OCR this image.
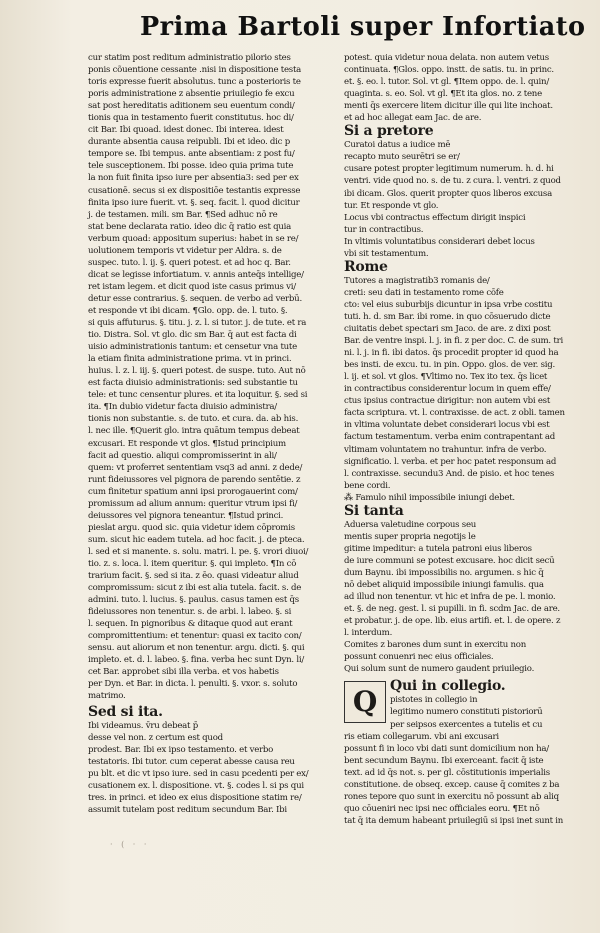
Prima Bartoli super Infortiato

cur statim post reditum administratio pilorio stes

ponis cõuentione cessante .nisi in dispositione testa

toris expresse fuerit absolutus. tunc a posterioris te

poris administratione z absentie priuilegio fe excu

sat post hereditatis aditionem seu euentum condi/

tionis qua in testamento fuerit constitutus. hoc di/

cit Bar. Ibi quoad. idest donec. Ibi interea. idest

durante absentia causa reipubli. Ibi et ideo. dic p

tempore se. Ibi tempus. ante absentiam: z post fu/

tele susceptionem. Ibi posse. ideo quia prima tute

la non fuit finita ipso iure per absentia3: sed per ex

cusationē. secus si ex dispositiōe testantis expresse

finita ipso iure fuerit. vt. §. seq. facit. l. quod dicitur

j. de testamen. mili. sm Bar. ¶Sed adhuc nō re

stat bene declarata ratio. ideo dic q̄ ratio est quia

verbum quoad: appositum superius: habet in se re/

uolutionem temporis vt videtur per Aldra. s. de

suspec. tuto. l. ij. §. queri potest. et ad hoc q. Bar.

dicat se legisse infortiatum. v. annis anteq̄s intellige/

ret istam legem. et dicit quod iste casus primus vi/

detur esse contrarius. §. sequen. de verbo ad verbū.

et responde vt ibi dicam. ¶Glo. opp. de. l. tuto. §.

si quis affuturus. §. titu. j. z. l. si tutor. j. de tute. et ra

tio. Distra. Sol. vt glo. dic sm Bar. q̄ aut est facta di

uisio administrationis tantum: et censetur vna tute

la etiam finita administratione prima. vt in princi.

huius. l. z. l. iij. §. queri potest. de suspe. tuto. Aut nō

est facta diuisio administrationis: sed substantie tu

tele: et tunc censentur plures. et ita loquitur. §. sed si

ita. ¶In dubio videtur facta diuisio administra/

tionis non substantie. s. de tuto. et cura. da. ab his.

l. nec ille. ¶Querit glo. intra quātum tempus debeat

excusari. Et responde vt glos. ¶Istud principium

facit ad questio. aliqui compromisserint in ali/

quem: vt proferret sententiam vsq3 ad anni. z dede/

runt fideiussores vel pignora de parendo sentētie. z

cum finitetur spatium anni ipsi prorogauerint com/

promissum ad alium annum: queritur vtrum ipsi fi/

deiussores vel pignora teneantur. ¶Istud princi.

pieslat argu. quod sic. quia videtur idem cōpromis

sum. sicut hic eadem tutela. ad hoc facit. j. de pteca.

l. sed et si manente. s. solu. matri. l. pe. §. vrori diuoi/

tio. z. s. loca. l. item queritur. §. qui impleto. ¶In cō

trarium facit. §. sed si ita. z ēo. quasi videatur aliud

compromissum: sicut z ibi est alia tutela. facit. s. de

admini. tuto. l. lucius. §. paulus. casus tamen est q̄s

fideiussores non tenentur. s. de arbi. l. labeo. §. si

l. sequen. In pignoribus & ditaque quod aut erant

compromittentium: et tenentur: quasi ex tacito con/

sensu. aut aliorum et non tenentur. argu. dicti. §. qui

impleto. et. d. l. labeo. §. fina. verba hec sunt Dyn. li/

cet Bar. approbet sibi illa verba. et vos habetis

per Dyn. et Bar. in dicta. l. penulti. §. vxor. s. soluto

matrimo.

Sed si ita.

Ibi videamus. v̄ru debeat p̄

desse vel non. z certum est quod

prodest. Bar. Ibi ex ipso testamento. et verbo

testatoris. Ibi tutor. cum ceperat abesse causa reu

pu blt. et dic vt ipso iure. sed in casu pcedenti per ex/

cusationem ex. l. dispositione. vt. §. codes l. si ps qui

tres. in princi. et ideo ex eius dispositione statim re/

assumit tutelam post reditum secundum Bar. Ibi

potest. quia videtur noua delata. non autem vetus

continuata. ¶Glos. oppo. instt. de satis. tu. in princ.

et. §. eo. l. tutor. Sol. vt gl. ¶Item oppo. de. l. quin/

quaginta. s. eo. Sol. vt gl. ¶Et ita glos. no. z tene

menti q̄s exercere litem dicitur ille qui lite inchoat.

et ad hoc allegat eam Jac. de are.

Si a pretore

Curatoi datus a iudice mē

recapto muto seurētri se er/

cusare potest propter legitimum numerum. h. d. hi

ventri. vide quod no. s. de tu. z cura. l. ventri. z quod

ibi dicam. Glos. querit propter quos liberos excusa

tur. Et responde vt glo.

Locus vbi contractus effectum dirigit inspici

tur in contractibus.

In vltimis voluntatibus considerari debet locus

vbi sit testamentum.

Rome

Tutores a magistratib3 romanis de/

creti: seu dati in testamento rome cōfe

cto: vel eius suburbijs dicuntur in ipsa vrbe costitu

tuti. h. d. sm Bar. ibi rome. in quo cōsuerudo dicte

ciuitatis debet spectari sm Jaco. de are. z dixi post

Bar. de ventre inspi. l. j. in fi. z per doc. C. de sum. tri

ni. l. j. in fi. ibi datos. q̄s procedit propter id quod ha

bes insti. de excu. tu. in pin. Oppo. glos. de ver. sig.

l. ij. et sol. vt glos. ¶Vltimo no. Tex ito tex. q̄s licet

in contractibus considerentur locum in quem effe/

ctus ipsius contractue dirigitur: non autem vbi est

facta scriptura. vt. l. contraxisse. de act. z obli. tamen

in vltima voluntate debet considerari locus vbi est

factum testamentum. verba enim contrapentant ad

vltimam voluntatem no trahuntur. infra de verbo.

significatio. l. verba. et per hoc patet responsum ad

l. contraxisse. secundu3 And. de pisio. et hoc tenes

bene cordi.

⁂ Famulo nihil impossibile iniungi debet.

Si tanta

Aduersa valetudine corpous seu

mentis super propria negotijs le

gitime impeditur: a tutela patroni eius liberos

de iure communi se potest excusare. hoc dicit secū

dum Baynu. ibi impossibilis no. argumen. s hic q̄

nō debet aliquid impossibile iniungi famulis. qua

ad illud non tenentur. vt hic et infra de pe. l. monio.

et. §. de neg. gest. l. si pupilli. in fi. scdm Jac. de are.

et probatur. j. de ope. lib. eius artifi. et. l. de opere. z

l. interdum.

Comites z barones dum sunt in exercitu non

possunt conuenri nec eius officiales.

Qui solum sunt de numero gaudent priuilegio.

Q Qui in collegio.

pistotes in collegio in

legitimo numero constituti pistoriorū

per seipsos exercentes a tutelis et cu

ris etiam collegarum. vbi ani excusari

possunt fi in loco vbi dati sunt domicilium non ha/

bent secundum Baynu. Ibi exerceant. facit q̄ iste

text. ad id q̄s not. s. per gl. cōstitutionis imperialis

constitutione. de obseq. excep. cause q̄ comites z ba

rones tepore quo sunt in exercitu nō possunt ab aliq

quo cōueniri nec ipsi nec officiales eoru. ¶Et nō

tat q̄ ita demum habeant priuilegiū si ipsi inet sunt in

· ( · ·
